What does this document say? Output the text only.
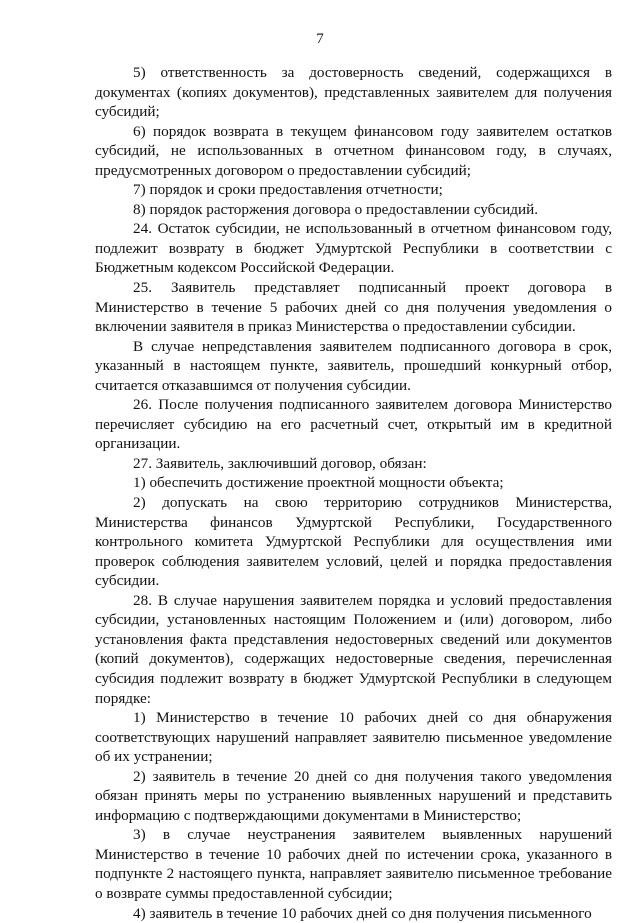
7

5) ответственность за достоверность сведений, содержащихся в документах (копиях документов), представленных заявителем для получения субсидий;

6) порядок возврата в текущем финансовом году заявителем остатков субсидий, не использованных в отчетном финансовом году, в случаях, предусмотренных договором о предоставлении субсидий;

7) порядок и сроки предоставления отчетности;

8) порядок расторжения договора о предоставлении субсидий.

24. Остаток субсидии, не использованный в отчетном финансовом году, подлежит возврату в бюджет Удмуртской Республики в соответствии с Бюджетным кодексом Российской Федерации.

25. Заявитель представляет подписанный проект договора в Министерство в течение 5 рабочих дней со дня получения уведомления о включении заявителя в приказ Министерства о предоставлении субсидии.

В случае непредставления заявителем подписанного договора в срок, указанный в настоящем пункте, заявитель, прошедший конкурный отбор, считается отказавшимся от получения субсидии.

26. После получения подписанного заявителем договора Министерство перечисляет субсидию на его расчетный счет, открытый им в кредитной организации.

27. Заявитель, заключивший договор, обязан:

1) обеспечить достижение проектной мощности объекта;

2) допускать на свою территорию сотрудников Министерства, Министерства финансов Удмуртской Республики, Государственного контрольного комитета Удмуртской Республики для осуществления ими проверок соблюдения заявителем условий, целей и порядка предоставления субсидии.

28. В случае нарушения заявителем порядка и условий предоставления субсидии, установленных настоящим Положением и (или) договором, либо установления факта представления недостоверных сведений или документов (копий документов), содержащих недостоверные сведения, перечисленная субсидия подлежит возврату в бюджет Удмуртской Республики в следующем порядке:

1) Министерство в течение 10 рабочих дней со дня обнаружения соответствующих нарушений направляет заявителю письменное уведомление об их устранении;

2) заявитель в течение 20 дней со дня получения такого уведомления обязан принять меры по устранению выявленных нарушений и представить информацию с подтверждающими документами в Министерство;

3) в случае неустранения заявителем выявленных нарушений Министерство в течение 10 рабочих дней по истечении срока, указанного в подпункте 2 настоящего пункта, направляет заявителю письменное требование о возврате суммы предоставленной субсидии;

4) заявитель в течение 10 рабочих дней со дня получения письменного
